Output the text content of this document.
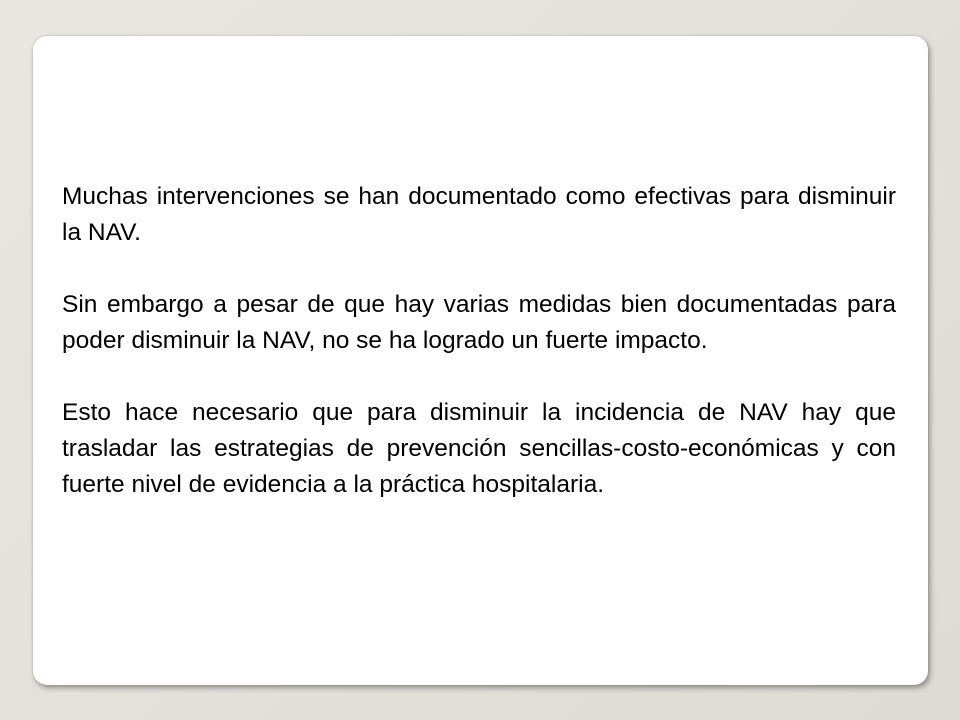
Muchas intervenciones se han documentado como efectivas para disminuir la NAV.

Sin embargo a pesar de que hay varias medidas bien documentadas para poder disminuir la NAV, no se ha logrado un fuerte impacto.

Esto hace necesario que para disminuir la incidencia de NAV hay que trasladar las estrategias de prevención sencillas-costo-económicas y con fuerte nivel de evidencia a la práctica hospitalaria.
